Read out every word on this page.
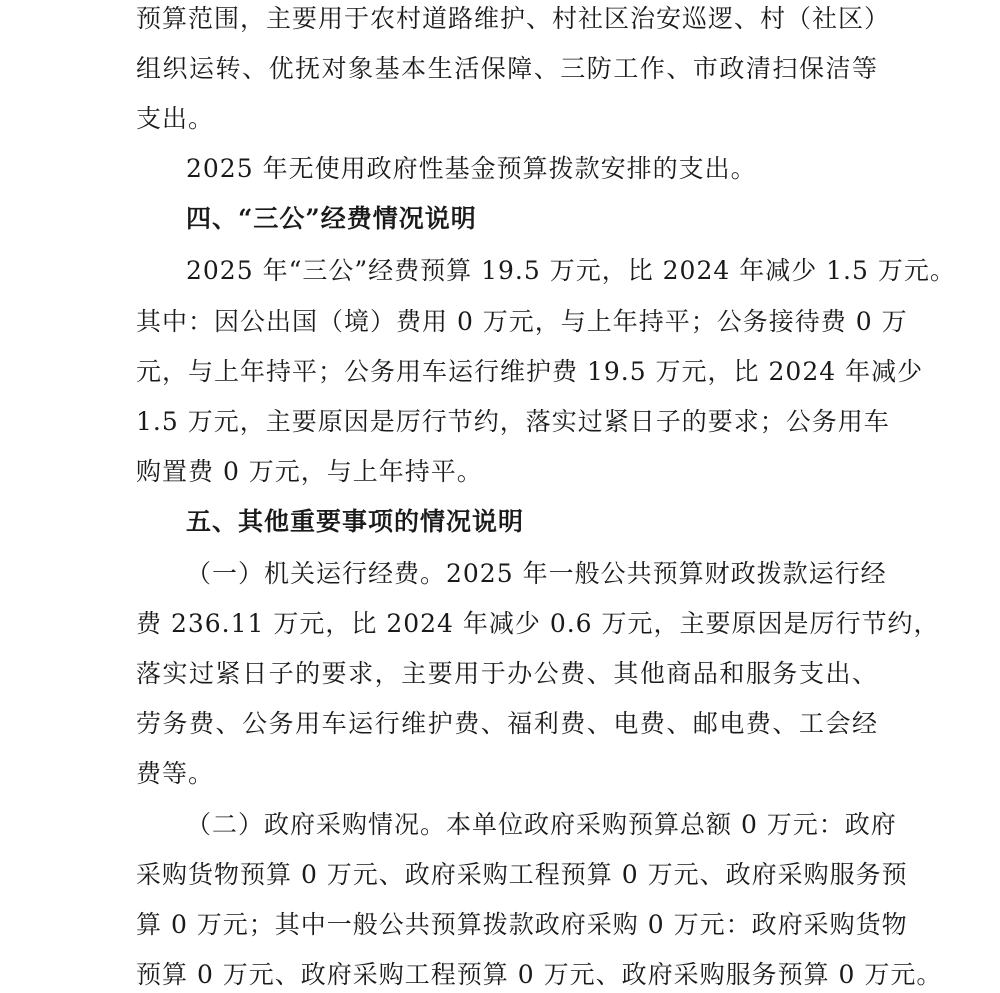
预算范围，主要用于农村道路维护、村社区治安巡逻、村（社区）
组织运转、优抚对象基本生活保障、三防工作、市政清扫保洁等
支出。
2025 年无使用政府性基金预算拨款安排的支出。
四、“三公”经费情况说明
2025 年“三公”经费预算 19.5 万元，比 2024 年减少 1.5 万元。
其中：因公出国（境）费用 0 万元，与上年持平；公务接待费 0 万
元，与上年持平；公务用车运行维护费 19.5 万元，比 2024 年减少
1.5 万元，主要原因是厉行节约，落实过紧日子的要求；公务用车
购置费 0 万元，与上年持平。
五、其他重要事项的情况说明
（一）机关运行经费。2025 年一般公共预算财政拨款运行经
费 236.11 万元，比 2024 年减少 0.6 万元，主要原因是厉行节约，
落实过紧日子的要求，主要用于办公费、其他商品和服务支出、
劳务费、公务用车运行维护费、福利费、电费、邮电费、工会经
费等。
（二）政府采购情况。本单位政府采购预算总额 0 万元：政府
采购货物预算 0 万元、政府采购工程预算 0 万元、政府采购服务预
算 0 万元；其中一般公共预算拨款政府采购 0 万元：政府采购货物
预算 0 万元、政府采购工程预算 0 万元、政府采购服务预算 0 万元。
